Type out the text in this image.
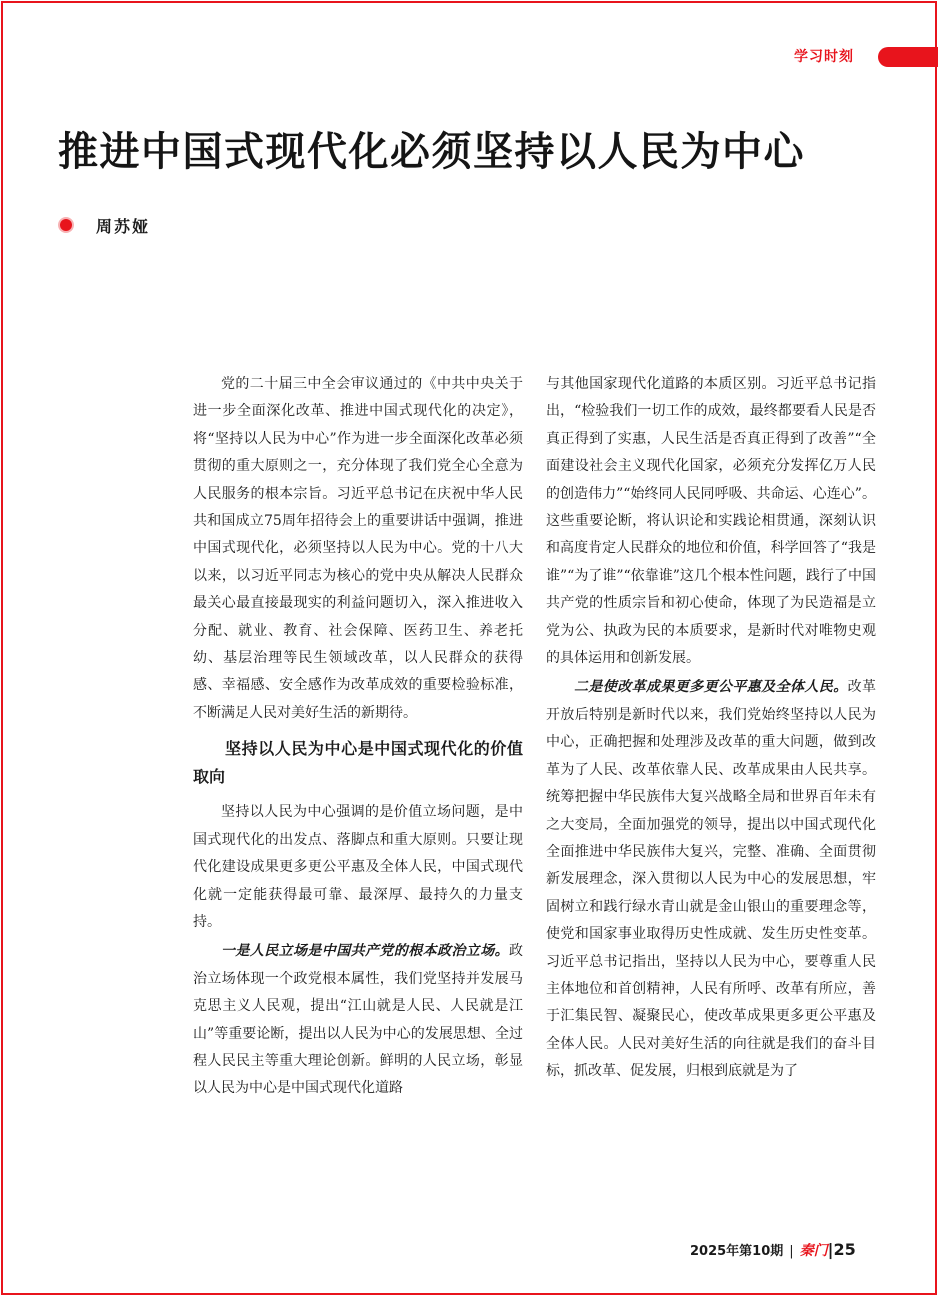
学习时刻
推进中国式现代化必须坚持以人民为中心
周苏娅

党的二十届三中全会审议通过的《中共中央关于进一步全面深化改革、推进中国式现代化的决定》，将“坚持以人民为中心”作为进一步全面深化改革必须贯彻的重大原则之一，充分体现了我们党全心全意为人民服务的根本宗旨。习近平总书记在庆祝中华人民共和国成立75周年招待会上的重要讲话中强调，推进中国式现代化，必须坚持以人民为中心。党的十八大以来，以习近平同志为核心的党中央从解决人民群众最关心最直接最现实的利益问题切入，深入推进收入分配、就业、教育、社会保障、医药卫生、养老托幼、基层治理等民生领域改革，以人民群众的获得感、幸福感、安全感作为改革成效的重要检验标准，不断满足人民对美好生活的新期待。

坚持以人民为中心是中国式现代化的价值取向

坚持以人民为中心强调的是价值立场问题，是中国式现代化的出发点、落脚点和重大原则。只要让现代化建设成果更多更公平惠及全体人民，中国式现代化就一定能获得最可靠、最深厚、最持久的力量支持。

一是人民立场是中国共产党的根本政治立场。政治立场体现一个政党根本属性，我们党坚持并发展马克思主义人民观，提出“江山就是人民、人民就是江山”等重要论断，提出以人民为中心的发展思想、全过程人民民主等重大理论创新。鲜明的人民立场，彰显以人民为中心是中国式现代化道路

与其他国家现代化道路的本质区别。习近平总书记指出，“检验我们一切工作的成效，最终都要看人民是否真正得到了实惠，人民生活是否真正得到了改善”“全面建设社会主义现代化国家，必须充分发挥亿万人民的创造伟力”“始终同人民同呼吸、共命运、心连心”。这些重要论断，将认识论和实践论相贯通，深刻认识和高度肯定人民群众的地位和价值，科学回答了“我是谁”“为了谁”“依靠谁”这几个根本性问题，践行了中国共产党的性质宗旨和初心使命，体现了为民造福是立党为公、执政为民的本质要求，是新时代对唯物史观的具体运用和创新发展。

二是使改革成果更多更公平惠及全体人民。改革开放后特别是新时代以来，我们党始终坚持以人民为中心，正确把握和处理涉及改革的重大问题，做到改革为了人民、改革依靠人民、改革成果由人民共享。统筹把握中华民族伟大复兴战略全局和世界百年未有之大变局，全面加强党的领导，提出以中国式现代化全面推进中华民族伟大复兴，完整、准确、全面贯彻新发展理念，深入贯彻以人民为中心的发展思想，牢固树立和践行绿水青山就是金山银山的重要理念等，使党和国家事业取得历史性成就、发生历史性变革。习近平总书记指出，坚持以人民为中心，要尊重人民主体地位和首创精神，人民有所呼、改革有所应，善于汇集民智、凝聚民心，使改革成果更多更公平惠及全体人民。人民对美好生活的向往就是我们的奋斗目标，抓改革、促发展，归根到底就是为了

2025年第10期 | 秦门|25
